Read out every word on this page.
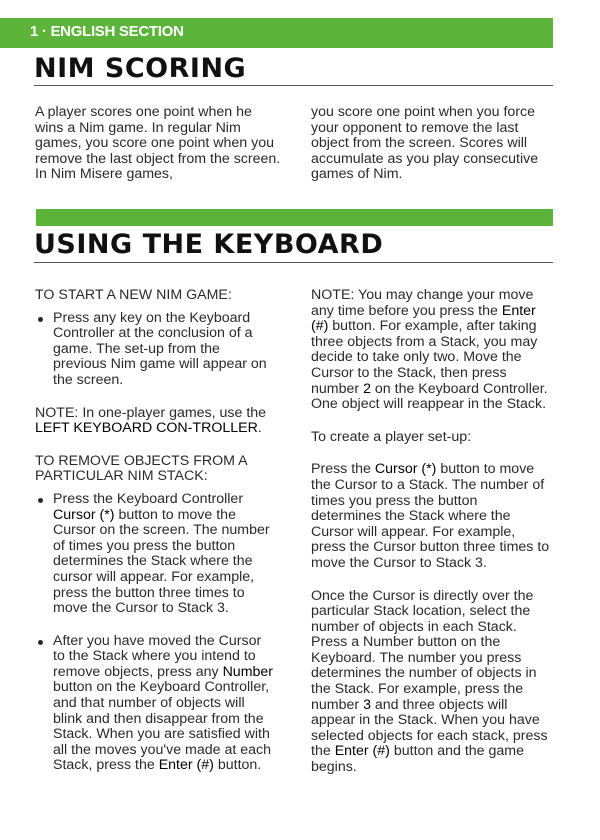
1 · ENGLISH SECTION
NIM SCORING

A player scores one point when he wins a Nim game. In regular Nim games, you score one point when you remove the last object from the screen. In Nim Misere games,

you score one point when you force your opponent to remove the last object from the screen. Scores will accumulate as you play consecutive games of Nim.

USING THE KEYBOARD
TO START A NEW NIM GAME:
Press any key on the Keyboard Controller at the conclusion of a game. The set-up from the previous Nim game will appear on the screen.

NOTE: In one-player games, use the LEFT KEYBOARD CON-TROLLER.

TO REMOVE OBJECTS FROM A PARTICULAR NIM STACK:
Press the Keyboard Controller Cursor (*) button to move the Cursor on the screen. The number of times you press the button determines the Stack where the cursor will appear. For example, press the button three times to move the Cursor to Stack 3.
After you have moved the Cursor to the Stack where you intend to remove objects, press any Number button on the Keyboard Controller, and that number of objects will blink and then disappear from the Stack. When you are satisfied with all the moves you've made at each Stack, press the Enter (#) button.

NOTE: You may change your move any time before you press the Enter (#) button. For example, after taking three objects from a Stack, you may decide to take only two. Move the Cursor to the Stack, then press number 2 on the Keyboard Controller. One object will reappear in the Stack.

To create a player set-up:

Press the Cursor (*) button to move the Cursor to a Stack. The number of times you press the button determines the Stack where the Cursor will appear. For example, press the Cursor button three times to move the Cursor to Stack 3.

Once the Cursor is directly over the particular Stack location, select the number of objects in each Stack. Press a Number button on the Keyboard. The number you press determines the number of objects in the Stack. For example, press the number 3 and three objects will appear in the Stack. When you have selected objects for each stack, press the Enter (#) button and the game begins.
